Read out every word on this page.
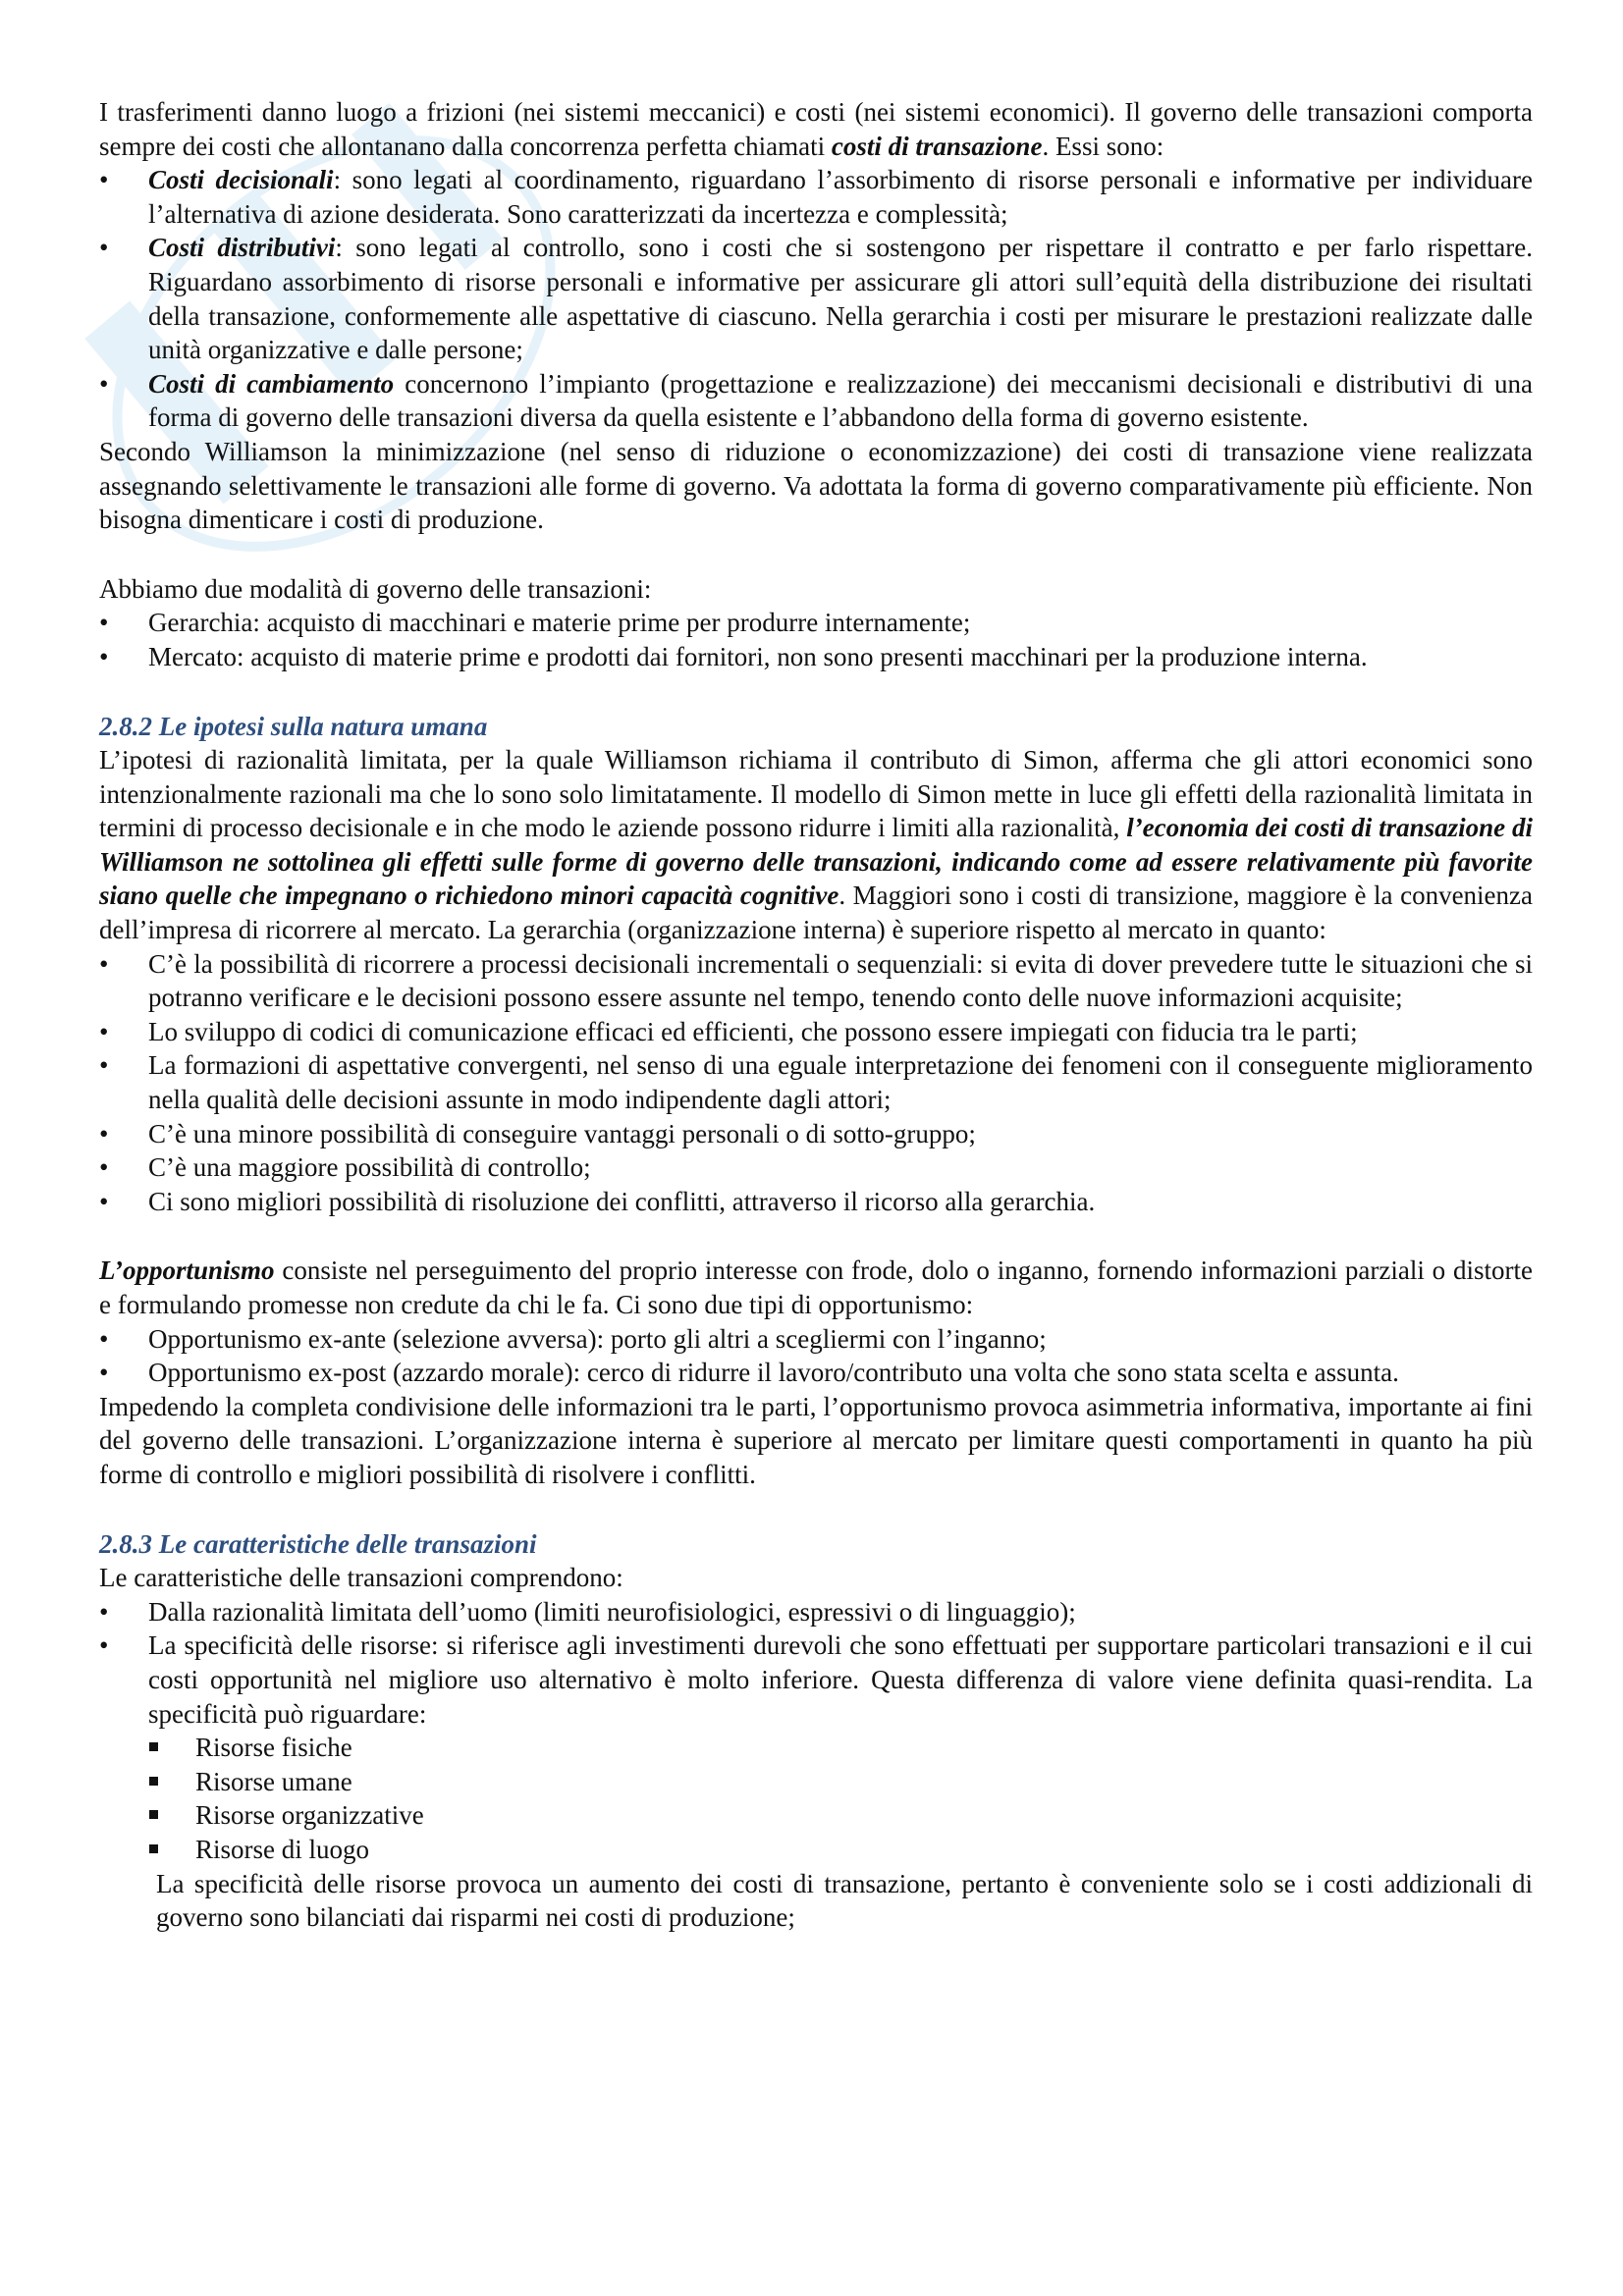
I trasferimenti danno luogo a frizioni (nei sistemi meccanici) e costi (nei sistemi economici). Il governo delle transazioni comporta sempre dei costi che allontanano dalla concorrenza perfetta chiamati costi di transazione. Essi sono:

• Costi decisionali: sono legati al coordinamento, riguardano l’assorbimento di risorse personali e informative per individuare l’alternativa di azione desiderata. Sono caratterizzati da incertezza e complessità;
• Costi distributivi: sono legati al controllo, sono i costi che si sostengono per rispettare il contratto e per farlo rispettare. Riguardano assorbimento di risorse personali e informative per assicurare gli attori sull’equità della distribuzione dei risultati della transazione, conformemente alle aspettative di ciascuno. Nella gerarchia i costi per misurare le prestazioni realizzate dalle unità organizzative e dalle persone;
• Costi di cambiamento concernono l’impianto (progettazione e realizzazione) dei meccanismi decisionali e distributivi di una forma di governo delle transazioni diversa da quella esistente e l’abbandono della forma di governo esistente.

Secondo Williamson la minimizzazione (nel senso di riduzione o economizzazione) dei costi di transazione viene realizzata assegnando selettivamente le transazioni alle forme di governo. Va adottata la forma di governo comparativamente più efficiente. Non bisogna dimenticare i costi di produzione.

Abbiamo due modalità di governo delle transazioni:

• Gerarchia: acquisto di macchinari e materie prime per produrre internamente;
• Mercato: acquisto di materie prime e prodotti dai fornitori, non sono presenti macchinari per la produzione interna.
2.8.2 Le ipotesi sulla natura umana

L’ipotesi di razionalità limitata, per la quale Williamson richiama il contributo di Simon, afferma che gli attori economici sono intenzionalmente razionali ma che lo sono solo limitatamente. Il modello di Simon mette in luce gli effetti della razionalità limitata in termini di processo decisionale e in che modo le aziende possono ridurre i limiti alla razionalità, l’economia dei costi di transazione di Williamson ne sottolinea gli effetti sulle forme di governo delle transazioni, indicando come ad essere relativamente più favorite siano quelle che impegnano o richiedono minori capacità cognitive. Maggiori sono i costi di transizione, maggiore è la convenienza dell’impresa di ricorrere al mercato. La gerarchia (organizzazione interna) è superiore rispetto al mercato in quanto:

• C’è la possibilità di ricorrere a processi decisionali incrementali o sequenziali: si evita di dover prevedere tutte le situazioni che si potranno verificare e le decisioni possono essere assunte nel tempo, tenendo conto delle nuove informazioni acquisite;
• Lo sviluppo di codici di comunicazione efficaci ed efficienti, che possono essere impiegati con fiducia tra le parti;
• La formazioni di aspettative convergenti, nel senso di una eguale interpretazione dei fenomeni con il conseguente miglioramento nella qualità delle decisioni assunte in modo indipendente dagli attori;
• C’è una minore possibilità di conseguire vantaggi personali o di sotto-gruppo;
• C’è una maggiore possibilità di controllo;
• Ci sono migliori possibilità di risoluzione dei conflitti, attraverso il ricorso alla gerarchia.

L’opportunismo consiste nel perseguimento del proprio interesse con frode, dolo o inganno, fornendo informazioni parziali o distorte e formulando promesse non credute da chi le fa. Ci sono due tipi di opportunismo:

• Opportunismo ex-ante (selezione avversa): porto gli altri a scegliermi con l’inganno;
• Opportunismo ex-post (azzardo morale): cerco di ridurre il lavoro/contributo una volta che sono stata scelta e assunta.

Impedendo la completa condivisione delle informazioni tra le parti, l’opportunismo provoca asimmetria informativa, importante ai fini del governo delle transazioni. L’organizzazione interna è superiore al mercato per limitare questi comportamenti in quanto ha più forme di controllo e migliori possibilità di risolvere i conflitti.

2.8.3 Le caratteristiche delle transazioni

Le caratteristiche delle transazioni comprendono:

• Dalla razionalità limitata dell’uomo (limiti neurofisiologici, espressivi o di linguaggio);
• La specificità delle risorse: si riferisce agli investimenti durevoli che sono effettuati per supportare particolari transazioni e il cui costi opportunità nel migliore uso alternativo è molto inferiore. Questa differenza di valore viene definita quasi-rendita. La specificità può riguardare:
Risorse fisiche
Risorse umane
Risorse organizzative
Risorse di luogo

La specificità delle risorse provoca un aumento dei costi di transazione, pertanto è conveniente solo se i costi addizionali di governo sono bilanciati dai risparmi nei costi di produzione;
